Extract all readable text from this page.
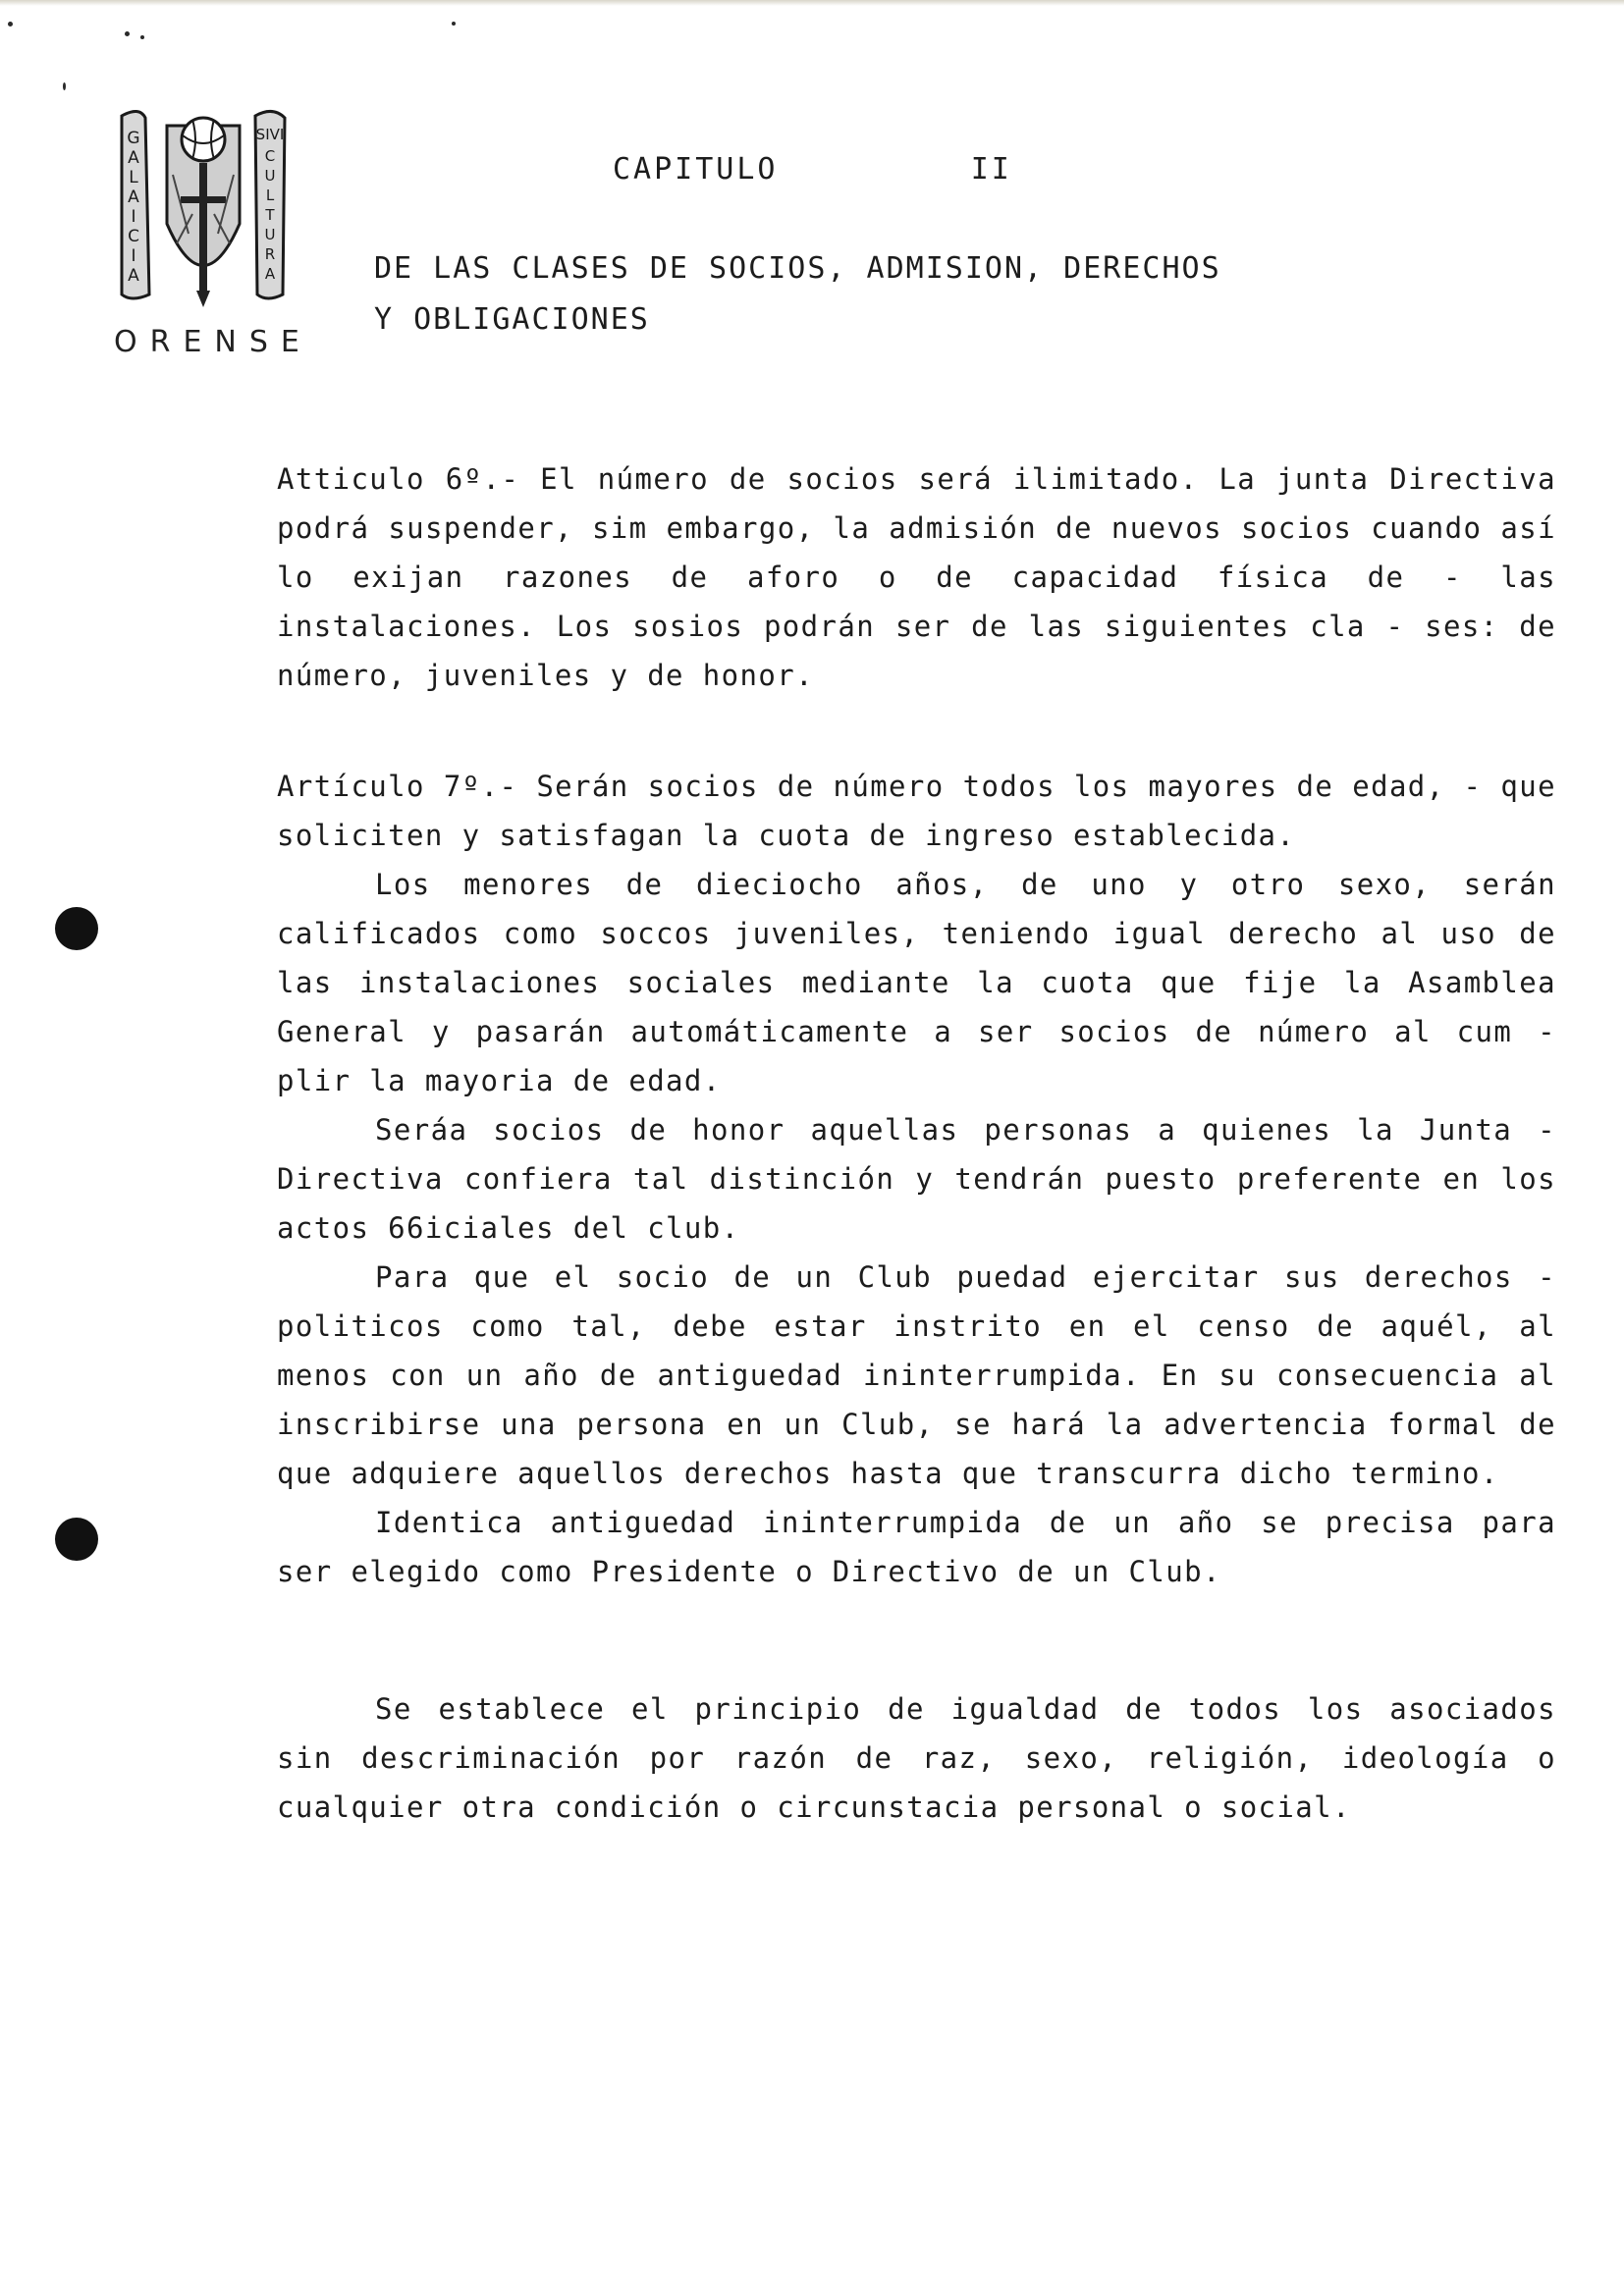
G A L A I C I A
SIVI C U L T U R A
ORENSE
CAPITULO    II
DE LAS CLASES DE SOCIOS, ADMISION, DERECHOS
Y OBLIGACIONES

Atticulo 6º.- El número de socios será ilimitado. La junta Directiva podrá suspender, sim embargo, la admisión de nuevos socios cuando así lo exijan razones de aforo o de capacidad física de - las instalaciones. Los sosios podrán ser de las siguientes cla - ses: de número, juveniles y de honor.

Artículo 7º.- Serán socios de número todos los mayores de edad, - que soliciten y satisfagan la cuota de ingreso establecida.

Los menores de dieciocho años, de uno y otro sexo, serán calificados como soccos juveniles, teniendo igual derecho al uso de las instalaciones sociales mediante la cuota que fije la Asamblea General y pasarán automáticamente a ser socios de número al cum - plir la mayoria de edad.

Seráa socios de honor aquellas personas a quienes la Junta - Directiva confiera tal distinción y tendrán puesto preferente en los actos 66iciales del club.

Para que el socio de un Club puedad ejercitar sus derechos - politicos como tal, debe estar instrito en el censo de aquél, al menos con un año de antiguedad ininterrumpida. En su consecuencia al inscribirse una persona en un Club, se hará la advertencia formal de que adquiere aquellos derechos hasta que transcurra dicho termino.

Identica antiguedad ininterrumpida de un año se precisa para ser elegido como Presidente o Directivo de un Club.

Se establece el principio de igualdad de todos los asociados sin descriminación por razón de raz, sexo, religión, ideología o cualquier otra condición o circunstacia personal o social.
